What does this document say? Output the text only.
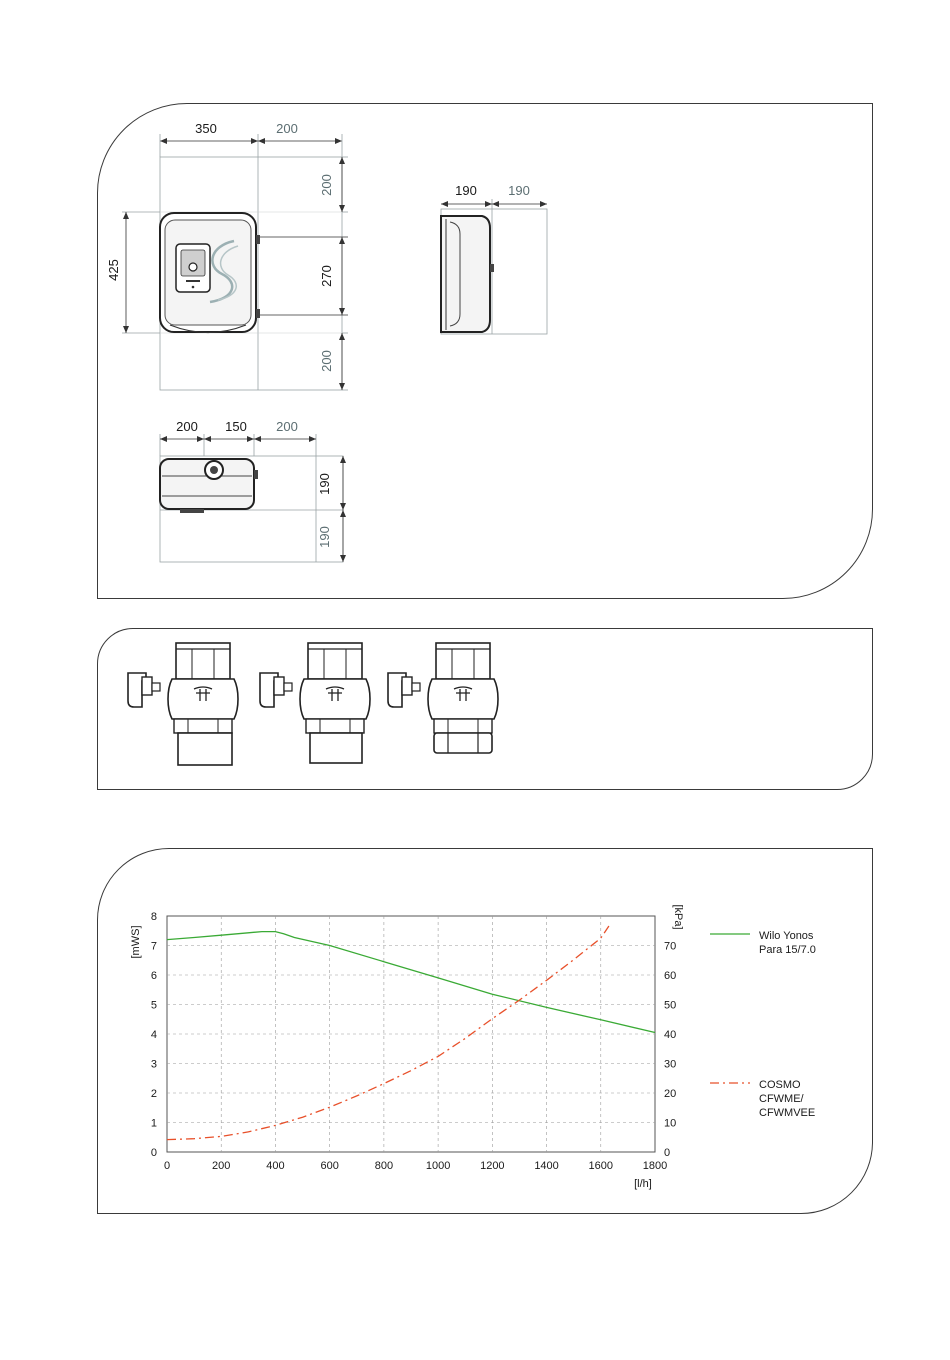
350	200
425
200
270
200
190 190
200 150 200
190
190
0	200	400	600	800	1000	1200	1400	1600	1800
0
1
2
3
4
5
6
7
8
0
10
20
30
40
50
60
70
[mWS]
[kPa]
[l/h]
Wilo Yonos
Para 15/7.0
COSMO
CFWME/
CFWMVEE
